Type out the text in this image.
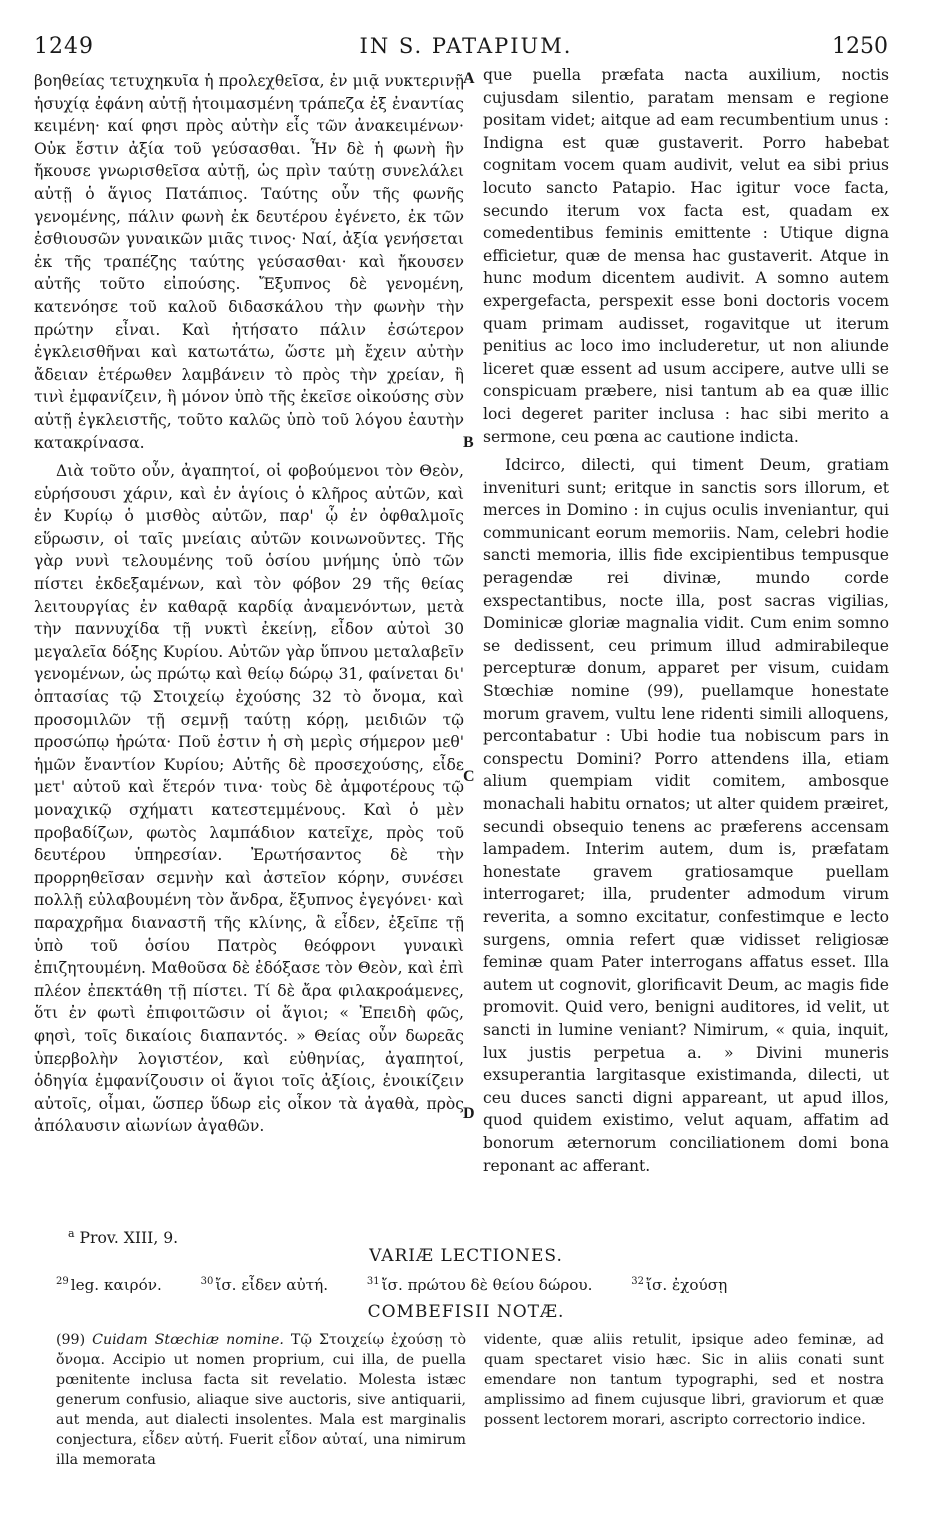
1249	IN S. PATAPIUM.	1250

βοηθείας τετυχηκυῖα ἡ προλεχθεῖσα, ἐν μιᾷ νυκτερινῇ ἡσυχίᾳ ἐφάνη αὐτῇ ἡτοιμασμένη τράπεζα ἐξ ἐναντίας κειμένη· καί φησι πρὸς αὐτὴν εἷς τῶν ἀνακειμένων· Οὐκ ἔστιν ἀξία τοῦ γεύσασθαι. Ἦν δὲ ἡ φωνὴ ἣν ἤκουσε γνωρισθεῖσα αὐτῇ, ὡς πρὶν ταύτῃ συνελάλει αὐτῇ ὁ ἅγιος Πατάπιος. Ταύτης οὖν τῆς φωνῆς γενομένης, πάλιν φωνὴ ἐκ δευτέρου ἐγένετο, ἐκ τῶν ἐσθιουσῶν γυναικῶν μιᾶς τινος· Ναί, ἀξία γενήσεται ἐκ τῆς τραπέζης ταύτης γεύσασθαι· καὶ ἤκουσεν αὐτῆς τοῦτο εἰπούσης. Ἔξυπνος δὲ γενομένη, κατενόησε τοῦ καλοῦ διδασκάλου τὴν φωνὴν τὴν πρώτην εἶναι. Καὶ ἠτήσατο πάλιν ἐσώτερον ἐγκλεισθῆναι καὶ κατωτάτω, ὥστε μὴ ἔχειν αὐτὴν ἄδειαν ἑτέρωθεν λαμβάνειν τὸ πρὸς τὴν χρείαν, ἢ τινὶ ἐμφανίζειν, ἢ μόνον ὑπὸ τῆς ἐκεῖσε οἰκούσης σὺν αὐτῇ ἐγκλειστῆς, τοῦτο καλῶς ὑπὸ τοῦ λόγου ἑαυτὴν κατακρίνασα.

Διὰ τοῦτο οὖν, ἀγαπητοί, οἱ φοβούμενοι τὸν Θεὸν, εὑρήσουσι χάριν, καὶ ἐν ἁγίοις ὁ κλῆρος αὐτῶν, καὶ ἐν Κυρίῳ ὁ μισθὸς αὐτῶν, παρ' ᾧ ἐν ὀφθαλμοῖς εὕρωσιν, οἱ ταῖς μνείαις αὐτῶν κοινωνοῦντες. Τῆς γὰρ νυνὶ τελουμένης τοῦ ὁσίου μνήμης ὑπὸ τῶν πίστει ἐκδεξαμένων, καὶ τὸν φόβον 29 τῆς θείας λειτουργίας ἐν καθαρᾷ καρδίᾳ ἀναμενόντων, μετὰ τὴν παννυχίδα τῇ νυκτὶ ἐκείνῃ, εἶδον αὐτοὶ 30 μεγαλεῖα δόξης Κυρίου. Αὐτῶν γὰρ ὕπνου μεταλαβεῖν γενομένων, ὡς πρώτῳ καὶ θείῳ δώρῳ 31, φαίνεται δι' ὀπτασίας τῷ Στοιχείῳ ἐχούσης 32 τὸ ὄνομα, καὶ προσομιλῶν τῇ σεμνῇ ταύτῃ κόρῃ, μειδιῶν τῷ προσώπῳ ἠρώτα· Ποῦ ἐστιν ἡ σὴ μερὶς σήμερον μεθ' ἡμῶν ἔναντίον Κυρίου; Αὐτῆς δὲ προσεχούσης, εἶδε μετ' αὐτοῦ καὶ ἕτερόν τινα· τοὺς δὲ ἀμφοτέρους τῷ μοναχικῷ σχήματι κατεστεμμένους. Καὶ ὁ μὲν προβαδίζων, φωτὸς λαμπάδιον κατεῖχε, πρὸς τοῦ δευτέρου ὑπηρεσίαν. Ἐρωτήσαντος δὲ τὴν προρρηθεῖσαν σεμνὴν καὶ ἀστεῖον κόρην, συνέσει πολλῇ εὐλαβουμένη τὸν ἄνδρα, ἔξυπνος ἐγεγόνει· καὶ παραχρῆμα διαναστῆ τῆς κλίνης, ἃ εἶδεν, ἐξεῖπε τῇ ὑπὸ τοῦ ὁσίου Πατρὸς θεόφρονι γυναικὶ ἐπιζητουμένη. Μαθοῦσα δὲ ἐδόξασε τὸν Θεὸν, καὶ ἐπὶ πλέον ἐπεκτάθη τῇ πίστει. Τί δὲ ἄρα φιλακροάμενες, ὅτι ἐν φωτὶ ἐπιφοιτῶσιν οἱ ἅγιοι; « Ἐπειδὴ φῶς, φησὶ, τοῖς δικαίοις διαπαντός. » Θείας οὖν δωρεᾶς ὑπερβολὴν λογιστέον, καὶ εὐθηνίας, ἀγαπητοί, ὁδηγία ἐμφανίζουσιν οἱ ἅγιοι τοῖς ἀξίοις, ἐνοικίζειν αὐτοῖς, οἶμαι, ὥσπερ ὕδωρ εἰς οἶκον τὰ ἀγαθὰ, πρὸς ἀπόλαυσιν αἰωνίων ἀγαθῶν.

A
B
C
D

que puella præfata nacta auxilium, noctis cujusdam silentio, paratam mensam e regione positam videt; aitque ad eam recumbentium unus : Indigna est quæ gustaverit. Porro habebat cognitam vocem quam audivit, velut ea sibi prius locuto sancto Patapio. Hac igitur voce facta, secundo iterum vox facta est, quadam ex comedentibus feminis emittente : Utique digna efficietur, quæ de mensa hac gustaverit. Atque in hunc modum dicentem audivit. A somno autem expergefacta, perspexit esse boni doctoris vocem quam primam audisset, rogavitque ut iterum penitius ac loco imo includeretur, ut non aliunde liceret quæ essent ad usum accipere, autve ulli se conspicuam præbere, nisi tantum ab ea quæ illic loci degeret pariter inclusa : hac sibi merito a sermone, ceu pœna ac cautione indicta.

Idcirco, dilecti, qui timent Deum, gratiam invenituri sunt; eritque in sanctis sors illorum, et merces in Domino : in cujus oculis inveniantur, qui communicant eorum memoriis. Nam, celebri hodie sancti memoria, illis fide excipientibus tempusque peragendæ rei divinæ, mundo corde exspectantibus, nocte illa, post sacras vigilias, Dominicæ gloriæ magnalia vidit. Cum enim somno se dedissent, ceu primum illud admirabileque percepturæ donum, apparet per visum, cuidam Stœchiæ nomine (99), puellamque honestate morum gravem, vultu lene ridenti simili alloquens, percontabatur : Ubi hodie tua nobiscum pars in conspectu Domini? Porro attendens illa, etiam alium quempiam vidit comitem, ambosque monachali habitu ornatos; ut alter quidem præiret, secundi obsequio tenens ac præferens accensam lampadem. Interim autem, dum is, præfatam honestate gravem gratiosamque puellam interrogaret; illa, prudenter admodum virum reverita, a somno excitatur, confestimque e lecto surgens, omnia refert quæ vidisset religiosæ feminæ quam Pater interrogans affatus esset. Illa autem ut cognovit, glorificavit Deum, ac magis fide promovit. Quid vero, benigni auditores, id velit, ut sancti in lumine veniant? Nimirum, « quia, inquit, lux justis perpetua a. » Divini muneris exsuperantia largitasque existimanda, dilecti, ut ceu duces sancti digni appareant, ut apud illos, quod quidem existimo, velut aquam, affatim ad bonorum æternorum conciliationem domi bona reponant ac afferant.

$^a$ Prov. XIII, 9.
VARIÆ LECTIONES.
$^{29}$ leg. καιρόν.	$^{30}$ ἴσ. εἶδεν αὐτή.	$^{31}$ ἴσ. πρώτου δὲ θείου δώρου.	$^{32}$ ἴσ. ἐχούσῃ
COMBEFISII NOTÆ.

(99) Cuidam Stœchiæ nomine. Τῷ Στοιχείῳ ἐχούσῃ τὸ ὄνομα. Accipio ut nomen proprium, cui illa, de puella pœnitente inclusa facta sit revelatio. Molesta istæc generum confusio, aliaque sive auctoris, sive antiquarii, aut menda, aut dialecti insolentes. Mala est marginalis conjectura, εἶδεν αὐτή. Fuerit εἶδον αὐταί, una nimirum illa memorata

vidente, quæ aliis retulit, ipsique adeo feminæ, ad quam spectaret visio hæc. Sic in aliis conati sunt emendare non tantum typographi, sed et nostra amplissimo ad finem cujusque libri, graviorum et quæ possent lectorem morari, ascripto correctorio indice.
